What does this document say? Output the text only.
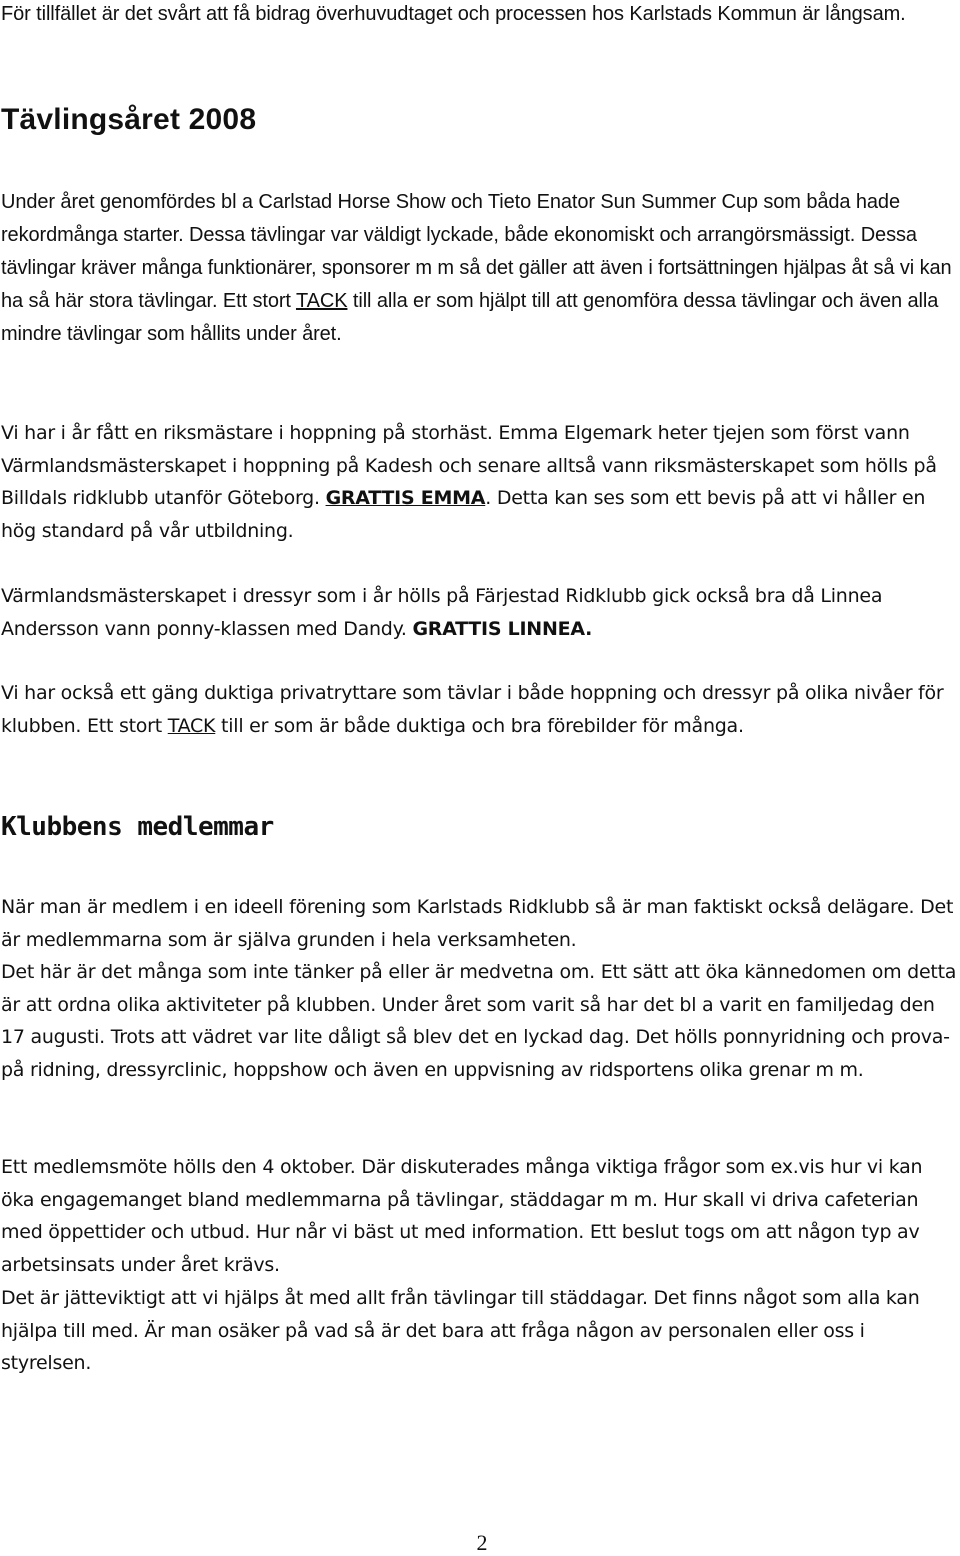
För tillfället är det svårt att få bidrag överhuvudtaget och processen hos Karlstads Kommun är långsam.

Tävlingsåret 2008

Under året genomfördes bl a Carlstad Horse Show och Tieto Enator Sun Summer Cup som båda hade rekordmånga starter. Dessa tävlingar var väldigt lyckade, både ekonomiskt och arrangörsmässigt. Dessa tävlingar kräver många funktionärer, sponsorer m m så det gäller att även i fortsättningen hjälpas åt så vi kan ha så här stora tävlingar. Ett stort TACK till alla er som hjälpt till att genomföra dessa tävlingar och även alla mindre tävlingar som hållits under året.

Vi har i år fått en riksmästare i hoppning på storhäst. Emma Elgemark heter tjejen som först vann Värmlandsmästerskapet i hoppning på Kadesh och senare alltså vann riksmästerskapet som hölls på Billdals ridklubb utanför Göteborg. GRATTIS EMMA. Detta kan ses som ett bevis på att vi håller en hög standard på vår utbildning.

Värmlandsmästerskapet i dressyr som i år hölls på Färjestad Ridklubb gick också bra då Linnea Andersson vann ponny-klassen med Dandy. GRATTIS LINNEA.

Vi har också ett gäng duktiga privatryttare som tävlar i både hoppning och dressyr på olika nivåer för klubben. Ett stort TACK till er som är både duktiga och bra förebilder för många.

Klubbens medlemmar

När man är medlem i en ideell förening som Karlstads Ridklubb så är man faktiskt också delägare. Det är medlemmarna som är själva grunden i hela verksamheten.

Det här är det många som inte tänker på eller är medvetna om. Ett sätt att öka kännedomen om detta är att ordna olika aktiviteter på klubben. Under året som varit så har det bl a varit en familjedag den 17 augusti. Trots att vädret var lite dåligt så blev det en lyckad dag. Det hölls ponnyridning och prova-på ridning, dressyrclinic, hoppshow och även en uppvisning av ridsportens olika grenar m m.

Ett medlemsmöte hölls den 4 oktober. Där diskuterades många viktiga frågor som ex.vis hur vi kan öka engagemanget bland medlemmarna på tävlingar, städdagar m m. Hur skall vi driva cafeterian med öppettider och utbud. Hur når vi bäst ut med information. Ett beslut togs om att någon typ av arbetsinsats under året krävs.

Det är jätteviktigt att vi hjälps åt med allt från tävlingar till städdagar. Det finns något som alla kan hjälpa till med. Är man osäker på vad så är det bara att fråga någon av personalen eller oss i styrelsen.

2
